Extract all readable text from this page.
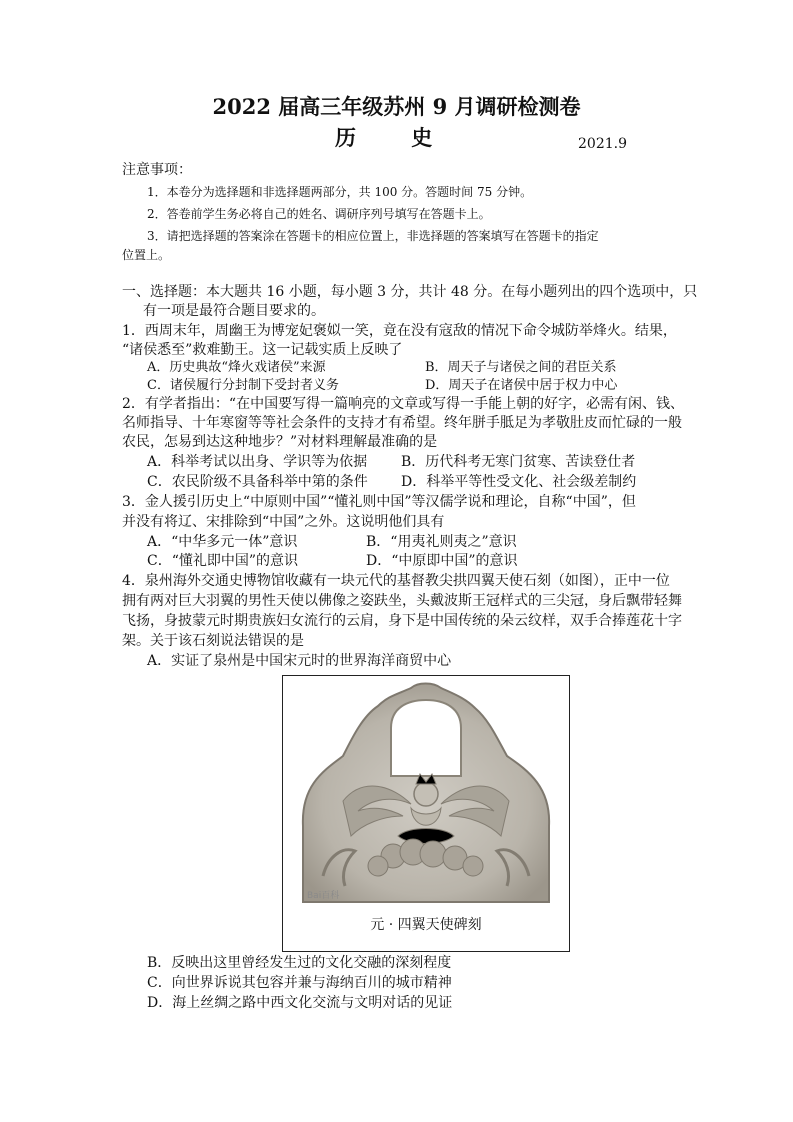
2022 届高三年级苏州 9 月调研检测卷
历 史	2021.9
注意事项：
1．本卷分为选择题和非选择题两部分，共 100 分。答题时间 75 分钟。
2．答卷前学生务必将自己的姓名、调研序列号填写在答题卡上。
3．请把选择题的答案涂在答题卡的相应位置上，非选择题的答案填写在答题卡的指定
位置上。
一、选择题：本大题共 16 小题，每小题 3 分，共计 48 分。在每小题列出的四个选项中，只
有一项是最符合题目要求的。
1．西周末年，周幽王为博宠妃褒姒一笑，竟在没有寇敌的情况下命令城防举烽火。结果，
“诸侯悉至”救难勤王。这一记载实质上反映了
A．历史典故“烽火戏诸侯”来源	B．周天子与诸侯之间的君臣关系
C．诸侯履行分封制下受封者义务	D．周天子在诸侯中居于权力中心
2．有学者指出：“在中国要写得一篇响亮的文章或写得一手能上朝的好字，必需有闲、钱、
名师指导、十年寒窗等等社会条件的支持才有希望。终年胼手胝足为孝敬肚皮而忙碌的一般
农民，怎易到达这种地步？”对材料理解最准确的是
A．科举考试以出身、学识等为依据 B．历代科考无寒门贫寒、苦读登仕者
C．农民阶级不具备科举中第的条件 D．科举平等性受文化、社会级差制约
3．金人援引历史上“中原则中国”“懂礼则中国”等汉儒学说和理论，自称“中国”，但
并没有将辽、宋排除到“中国”之外。这说明他们具有
A．“中华多元一体”意识	B．“用夷礼则夷之”意识
C．“懂礼即中国”的意识	D．“中原即中国”的意识
4．泉州海外交通史博物馆收藏有一块元代的基督教尖拱四翼天使石刻（如图），正中一位
拥有两对巨大羽翼的男性天使以佛像之姿趺坐，头戴波斯王冠样式的三尖冠，身后飘带轻舞
飞扬，身披蒙元时期贵族妇女流行的云肩，身下是中国传统的朵云纹样，双手合捧莲花十字
架。关于该石刻说法错误的是
A．实证了泉州是中国宋元时的世界海洋商贸中心
Bai百科
元 · 四翼天使碑刻
B．反映出这里曾经发生过的文化交融的深刻程度
C．向世界诉说其包容并兼与海纳百川的城市精神
D．海上丝绸之路中西文化交流与文明对话的见证
